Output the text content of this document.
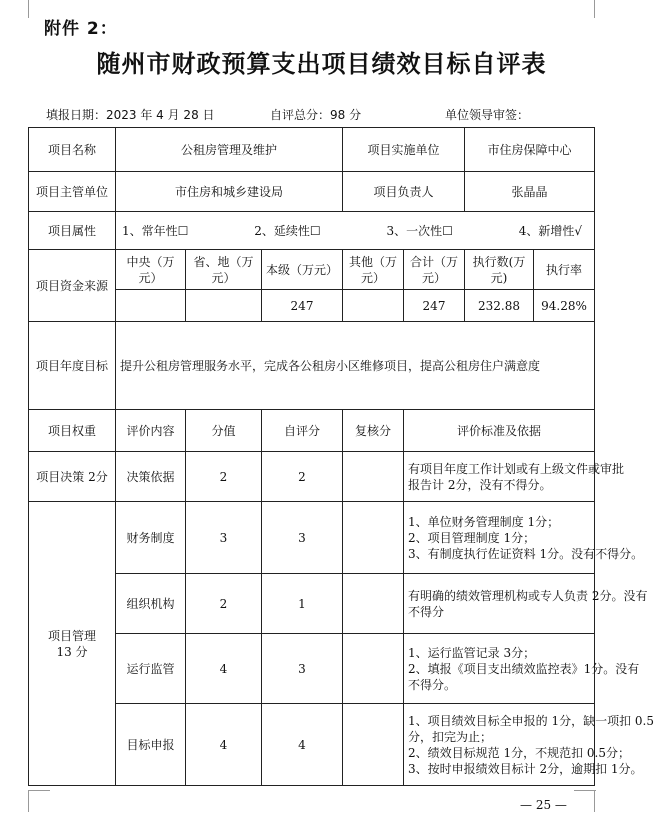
附件 2：
随州市财政预算支出项目绩效目标自评表
填报日期：2023 年 4 月 28 日	自评总分：98 分	单位领导审签：
项目名称	公租房管理及维护			项目实施单位		市住房保障中心	
项目主管单位	市住房和城乡建设局			项目负责人		张晶晶	
项目属性	1、常年性☐ 2、延续性☐ 3、一次性☐ 4、新增性√						

项目资金来源	中央（万元）	省、地（万元）	本级（万元）	其他（万元）	合计（万元）	执行数(万元)	执行率
			247		247	232.88	94.28%
项目年度目标	提升公租房管理服务水平，完成各公租房小区维修项目，提高公租房住户满意度						
项目权重	评价内容	分值	自评分	复核分	评价标准及依据		
项目决策 2分	决策依据	2	2		有项目年度工作计划或有上级文件或审批
报告计 2分，没有不得分。		

项目管理
13 分	财务制度	3	3		1、单位财务管理制度 1分；
2、项目管理制度 1分；
3、有制度执行佐证资料 1分。没有不得分。		

	组织机构	2	1		有明确的绩效管理机构或专人负责 2分。没有
不得分		

	运行监管	4	3		1、运行监管记录 3分；
2、填报《项目支出绩效监控表》1分。没有
不得分。		

	目标申报	4	4		1、项目绩效目标全申报的 1分，缺一项扣 0.5
分，扣完为止；
2、绩效目标规范 1分，不规范扣 0.5分；
3、按时申报绩效目标计 2分，逾期扣 1分。		
— 25 —
